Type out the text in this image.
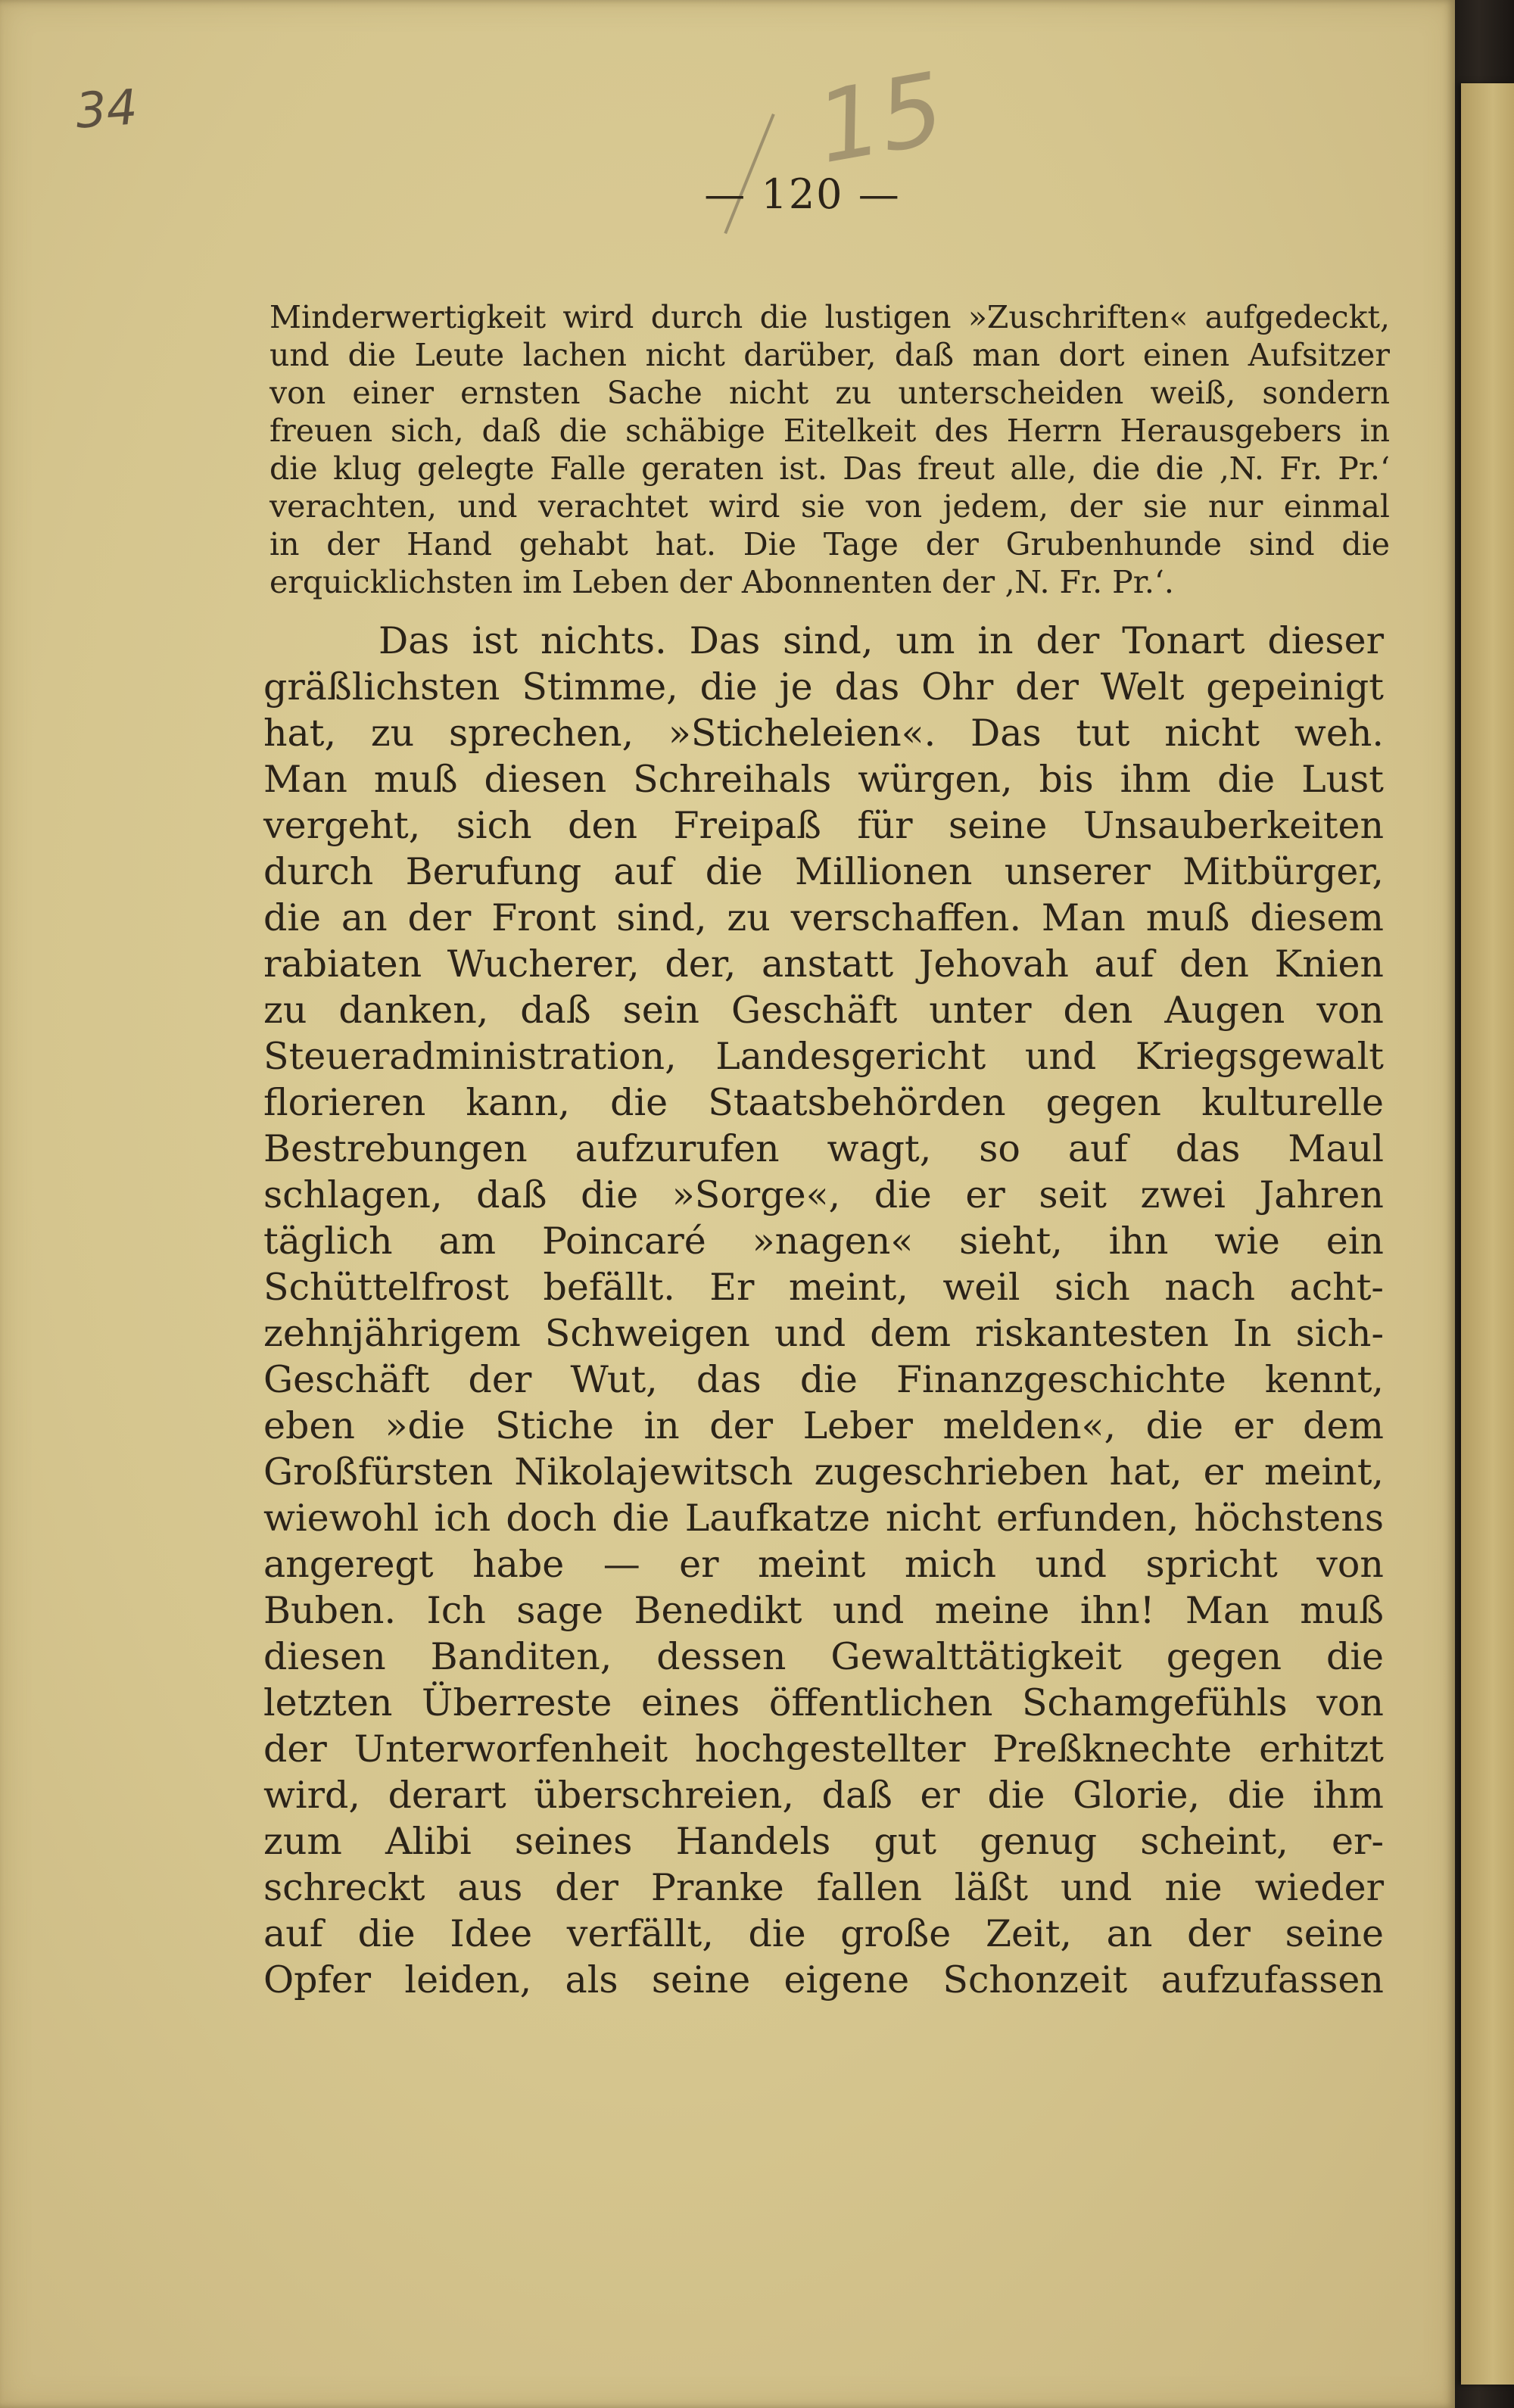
34	15
— 120 —
Minderwertigkeit wird durch die lustigen »Zuschriften« aufgedeckt,
und die Leute lachen nicht darüber, daß man dort einen Aufsitzer
von einer ernsten Sache nicht zu unterscheiden weiß, sondern
freuen sich, daß die schäbige Eitelkeit des Herrn Herausgebers in
die klug gelegte Falle geraten ist. Das freut alle, die die ‚N. Fr. Pr.‘
verachten, und verachtet wird sie von jedem, der sie nur einmal
in der Hand gehabt hat. Die Tage der Grubenhunde sind die
erquicklichsten im Leben der Abonnenten der ‚N. Fr. Pr.‘.
Das ist nichts. Das sind, um in der Tonart dieser
gräßlichsten Stimme, die je das Ohr der Welt gepeinigt
hat, zu sprechen, »Sticheleien«. Das tut nicht weh.
Man muß diesen Schreihals würgen, bis ihm die Lust
vergeht, sich den Freipaß für seine Unsauberkeiten
durch Berufung auf die Millionen unserer Mitbürger,
die an der Front sind, zu verschaffen. Man muß diesem
rabiaten Wucherer, der, anstatt Jehovah auf den Knien
zu danken, daß sein Geschäft unter den Augen von
Steueradministration, Landesgericht und Kriegsgewalt
florieren kann, die Staatsbehörden gegen kulturelle
Bestrebungen aufzurufen wagt, so auf das Maul
schlagen, daß die »Sorge«, die er seit zwei Jahren
täglich am Poincaré »nagen« sieht, ihn wie ein
Schüttelfrost befällt. Er meint, weil sich nach acht-
zehnjährigem Schweigen und dem riskantesten In sich-
Geschäft der Wut, das die Finanzgeschichte kennt,
eben »die Stiche in der Leber melden«, die er dem
Großfürsten Nikolajewitsch zugeschrieben hat, er meint,
wiewohl ich doch die Laufkatze nicht erfunden, höchstens
angeregt habe — er meint mich und spricht von
Buben. Ich sage Benedikt und meine ihn! Man muß
diesen Banditen, dessen Gewalttätigkeit gegen die
letzten Überreste eines öffentlichen Schamgefühls von
der Unterworfenheit hochgestellter Preßknechte erhitzt
wird, derart überschreien, daß er die Glorie, die ihm
zum Alibi seines Handels gut genug scheint, er-
schreckt aus der Pranke fallen läßt und nie wieder
auf die Idee verfällt, die große Zeit, an der seine
Opfer leiden, als seine eigene Schonzeit aufzufassen
